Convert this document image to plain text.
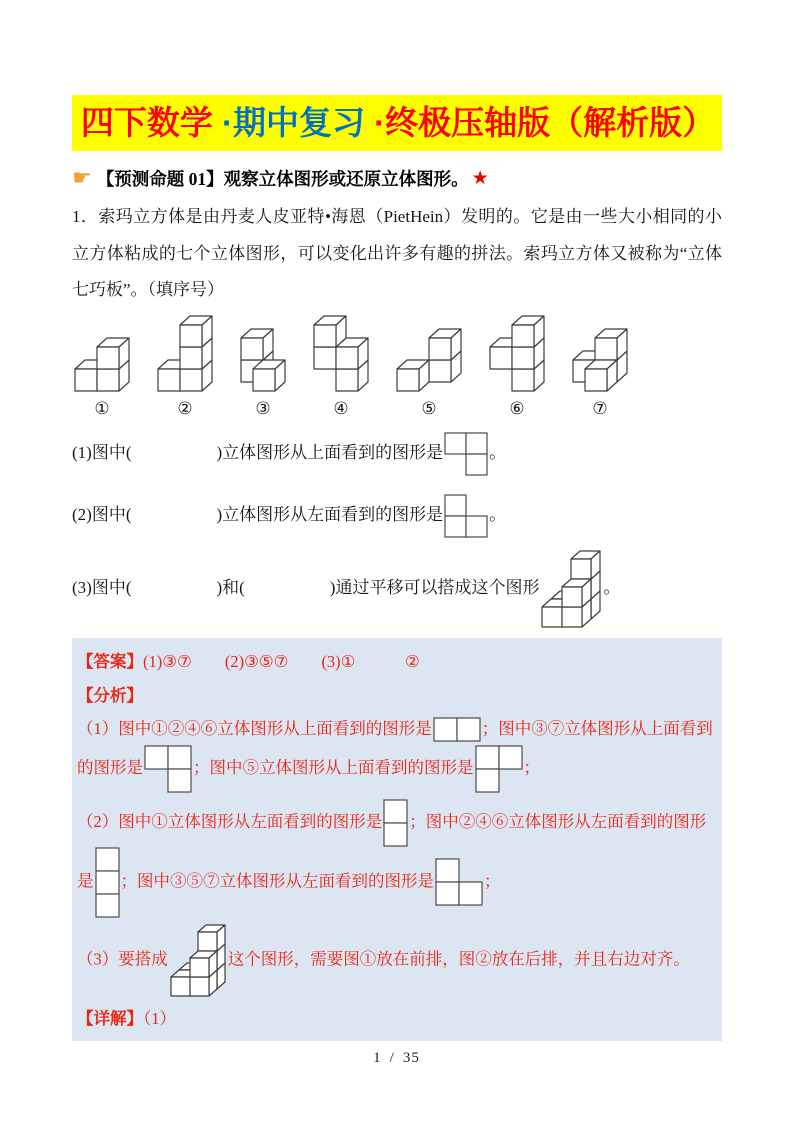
四下数学 ·期中复习 ·终极压轴版（解析版）
☛ 【预测命题 01】观察立体图形或还原立体图形。 ★

1．索玛立方体是由丹麦人皮亚特•海恩（PietHein）发明的。它是由一些大小相同的小立方体粘成的七个立体图形，可以变化出许多有趣的拼法。索玛立方体又被称为“立体七巧板”。（填序号）

①	②	③	④	⑤	⑥	⑦

(1)图中(　　　　　)立体图形从上面看到的图形是	。

(2)图中(　　　　　)立体图形从左面看到的图形是	。

(3)图中(　　　　　)和(　　　　　)通过平移可以搭成这个图形	。

【答案】(1)③⑦　　(2)③⑤⑦　　(3)①　　　②

【分析】

（1）图中①②④⑥立体图形从上面看到的图形是	；图中③⑦立体图形从上面看到的图形是	；图中⑤立体图形从上面看到的图形是	；

（2）图中①立体图形从左面看到的图形是 ；图中②④⑥立体图形从左面看到的图形是 ；图中③⑤⑦立体图形从左面看到的图形是	；

（3）要搭成	这个图形，需要图①放在前排，图②放在后排，并且右边对齐。

【详解】（1）

1 / 35
